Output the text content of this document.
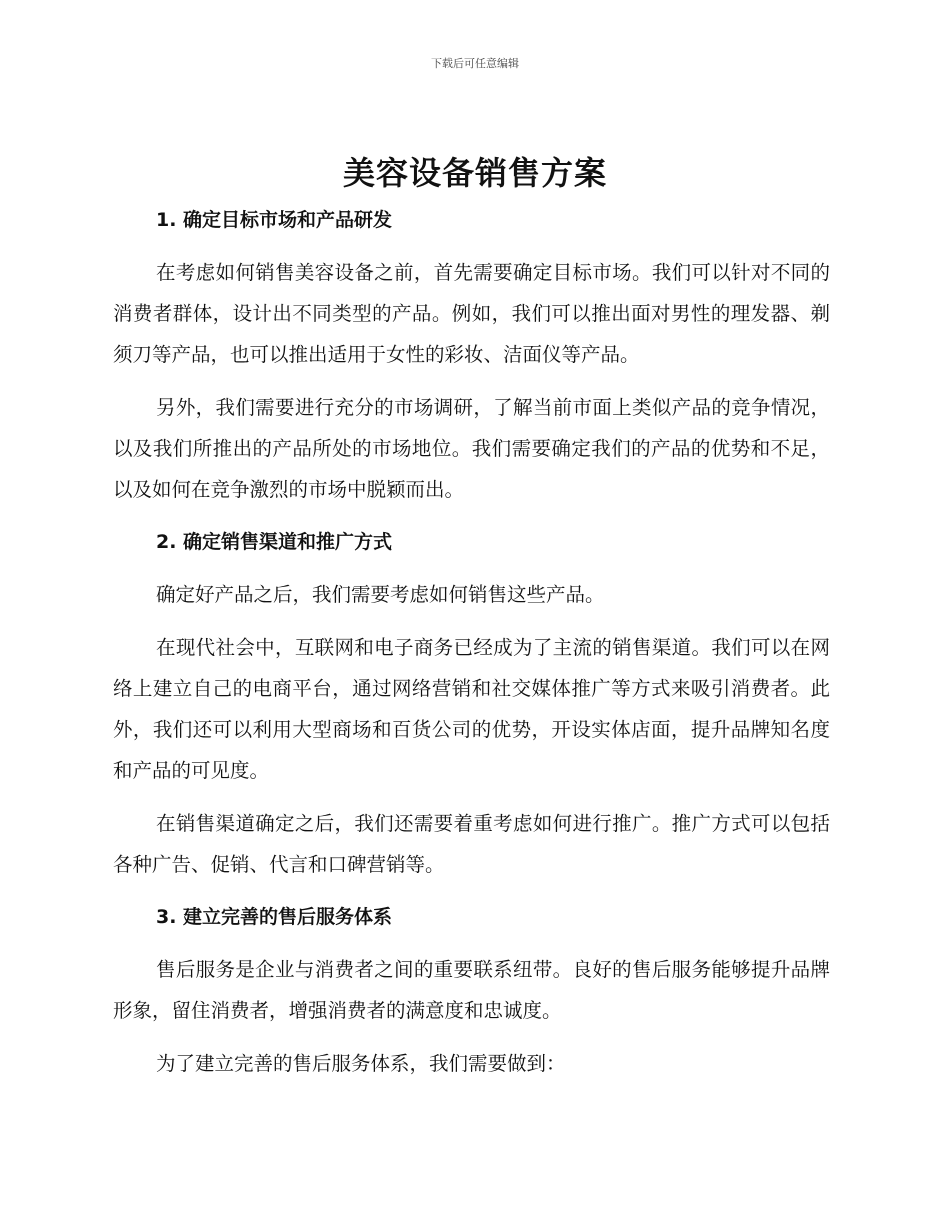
下载后可任意编辑
美容设备销售方案
1. 确定目标市场和产品研发

在考虑如何销售美容设备之前，首先需要确定目标市场。我们可以针对不同的消费者群体，设计出不同类型的产品。例如，我们可以推出面对男性的理发器、剃须刀等产品，也可以推出适用于女性的彩妆、洁面仪等产品。

另外，我们需要进行充分的市场调研，了解当前市面上类似产品的竞争情况，以及我们所推出的产品所处的市场地位。我们需要确定我们的产品的优势和不足，以及如何在竞争激烈的市场中脱颖而出。

2. 确定销售渠道和推广方式

确定好产品之后，我们需要考虑如何销售这些产品。

在现代社会中，互联网和电子商务已经成为了主流的销售渠道。我们可以在网络上建立自己的电商平台，通过网络营销和社交媒体推广等方式来吸引消费者。此外，我们还可以利用大型商场和百货公司的优势，开设实体店面，提升品牌知名度和产品的可见度。

在销售渠道确定之后，我们还需要着重考虑如何进行推广。推广方式可以包括各种广告、促销、代言和口碑营销等。

3. 建立完善的售后服务体系

售后服务是企业与消费者之间的重要联系纽带。良好的售后服务能够提升品牌形象，留住消费者，增强消费者的满意度和忠诚度。

为了建立完善的售后服务体系，我们需要做到：
